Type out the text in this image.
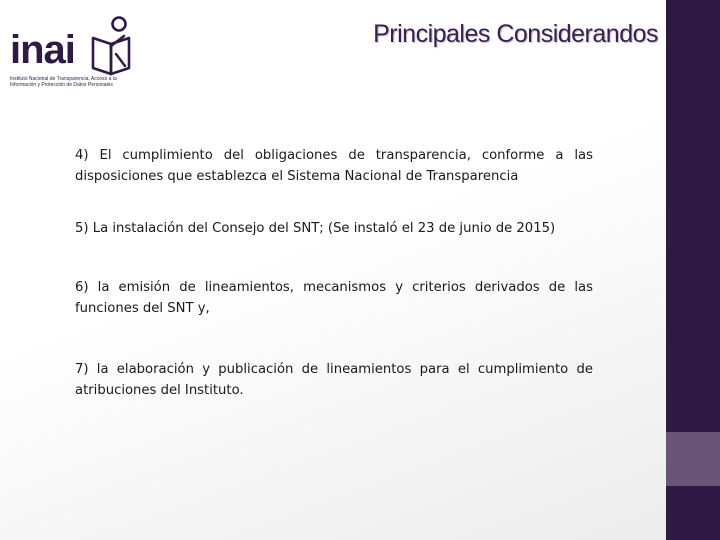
inai
Instituto Nacional de Transparencia, Acceso a la
Información y Protección de Datos Personales
Principales Considerandos

4) El cumplimiento del obligaciones de transparencia, conforme a las disposiciones que establezca el Sistema Nacional de Transparencia

5) La instalación del Consejo del SNT; (Se instaló el 23 de junio de 2015)

6) la emisión de lineamientos, mecanismos y criterios derivados de las funciones del SNT y,

7) la elaboración y publicación de lineamientos para el cumplimiento de atribuciones del Instituto.
